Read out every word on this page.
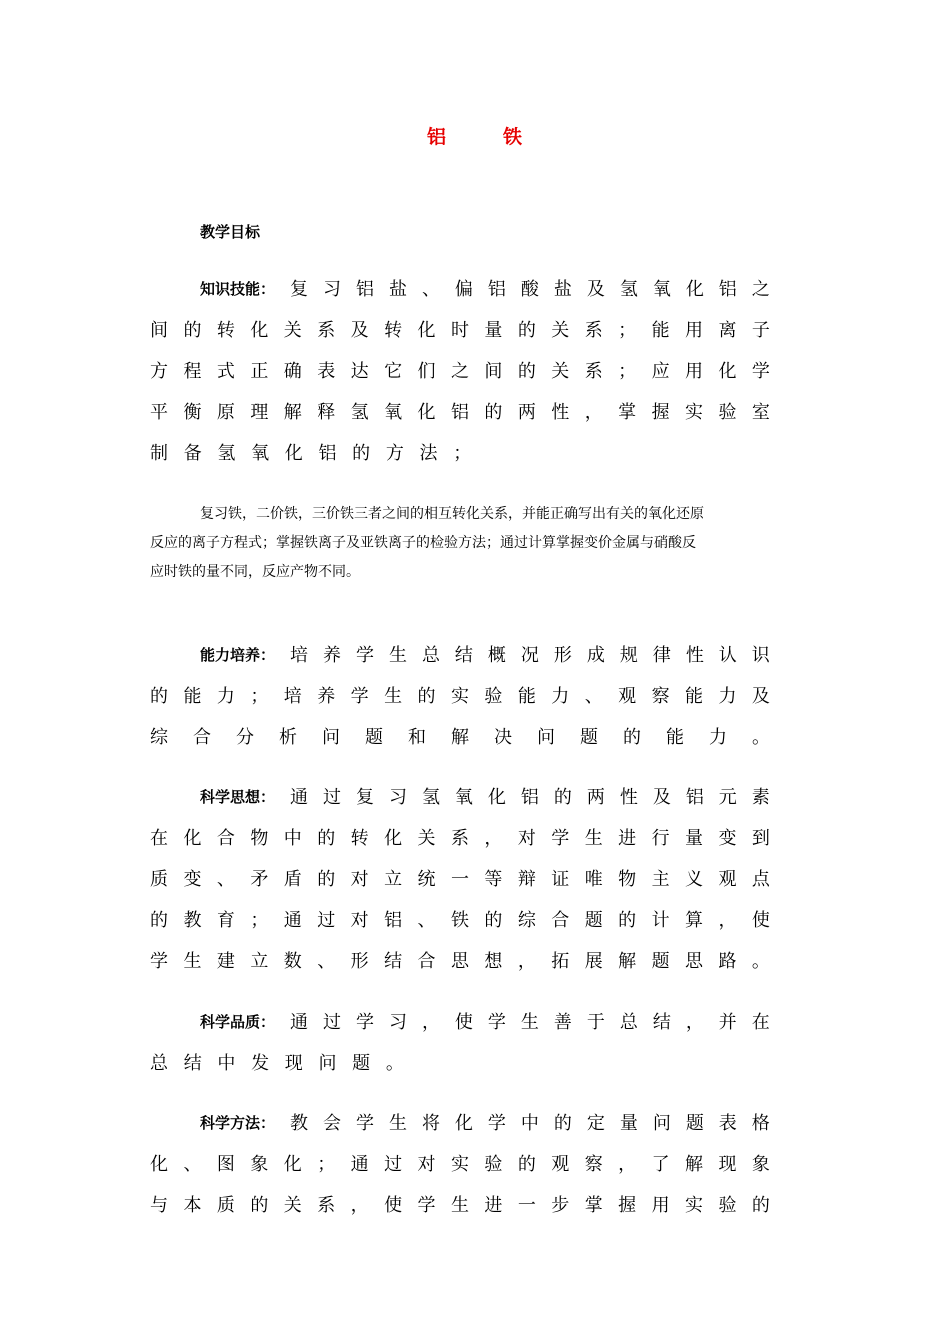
铝	铁
教学目标
知识技能： 复 习 铝 盐 、 偏 铝 酸 盐 及 氢 氧 化 铝 之
间 的 转 化 关 系 及 转 化 时 量 的 关 系 ； 能 用 离 子
方 程 式 正 确 表 达 它 们 之 间 的 关 系 ； 应 用 化 学
平 衡 原 理 解 释 氢 氧 化 铝 的 两 性 ， 掌 握 实 验 室
制 备 氢 氧 化 铝 的 方 法 ；
复习铁，二价铁，三价铁三者之间的相互转化关系，并能正确写出有关的氧化还原
反应的离子方程式；掌握铁离子及亚铁离子的检验方法；通过计算掌握变价金属与硝酸反
应时铁的量不同，反应产物不同。
能力培养： 培 养 学 生 总 结 概 况 形 成 规 律 性 认 识
的 能 力 ； 培 养 学 生 的 实 验 能 力 、 观 察 能 力 及
综 合 分 析 问 题 和 解 决 问 题 的 能 力 。
科学思想： 通 过 复 习 氢 氧 化 铝 的 两 性 及 铝 元 素
在 化 合 物 中 的 转 化 关 系 ， 对 学 生 进 行 量 变 到
质 变 、 矛 盾 的 对 立 统 一 等 辩 证 唯 物 主 义 观 点
的 教 育 ； 通 过 对 铝 、 铁 的 综 合 题 的 计 算 ， 使
学 生 建 立 数 、 形 结 合 思 想 ， 拓 展 解 题 思 路 。
科学品质： 通 过 学 习 ， 使 学 生 善 于 总 结 ， 并 在
总 结 中 发 现 问 题 。
科学方法： 教 会 学 生 将 化 学 中 的 定 量 问 题 表 格
化 、 图 象 化 ； 通 过 对 实 验 的 观 察 ， 了 解 现 象
与 本 质 的 关 系 ， 使 学 生 进 一 步 掌 握 用 实 验 的
